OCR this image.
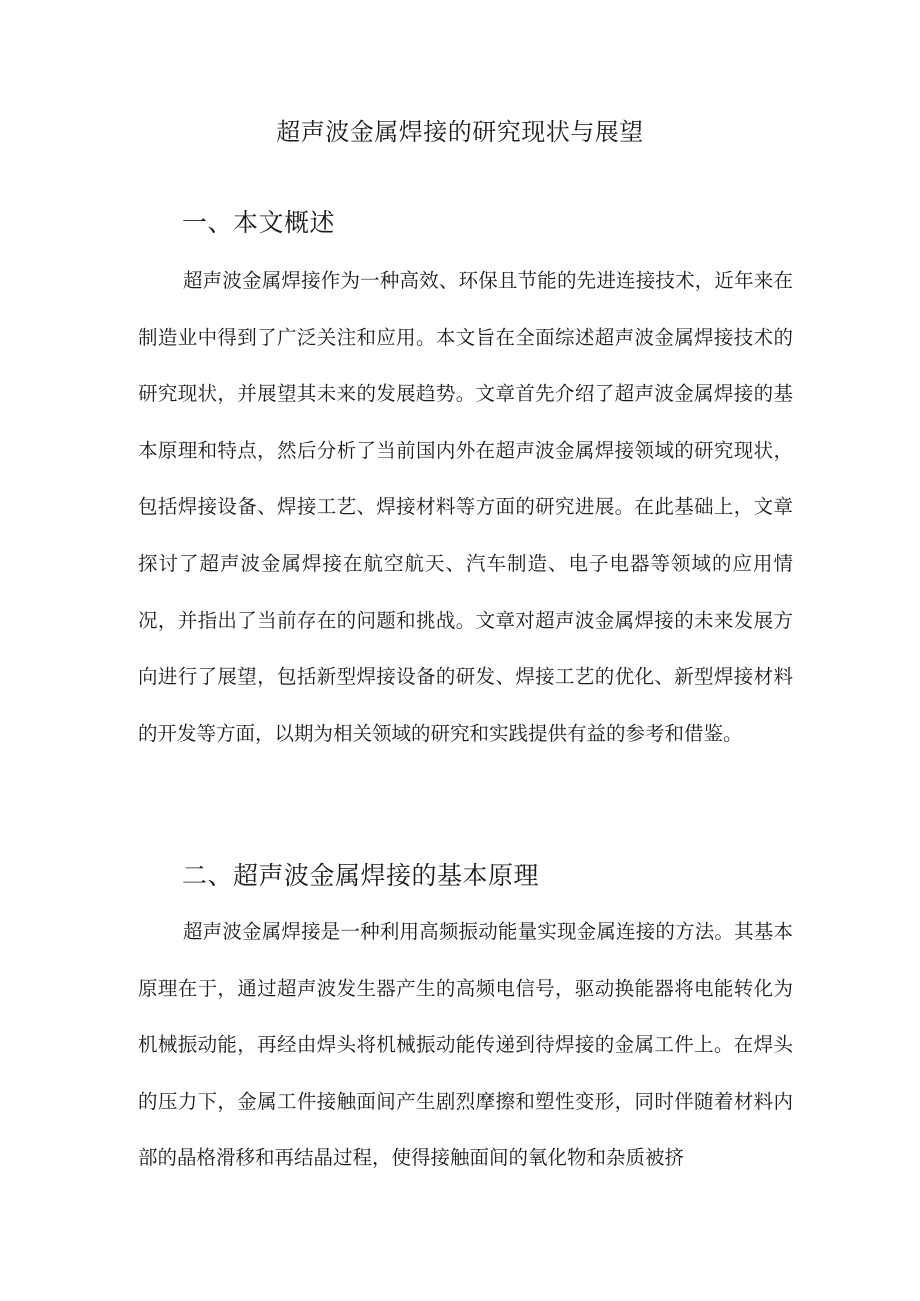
超声波金属焊接的研究现状与展望
一、本文概述

超声波金属焊接作为一种高效、环保且节能的先进连接技术，近年来在制造业中得到了广泛关注和应用。本文旨在全面综述超声波金属焊接技术的研究现状，并展望其未来的发展趋势。文章首先介绍了超声波金属焊接的基本原理和特点，然后分析了当前国内外在超声波金属焊接领域的研究现状，包括焊接设备、焊接工艺、焊接材料等方面的研究进展。在此基础上，文章探讨了超声波金属焊接在航空航天、汽车制造、电子电器等领域的应用情况，并指出了当前存在的问题和挑战。文章对超声波金属焊接的未来发展方向进行了展望，包括新型焊接设备的研发、焊接工艺的优化、新型焊接材料的开发等方面，以期为相关领域的研究和实践提供有益的参考和借鉴。

二、超声波金属焊接的基本原理

超声波金属焊接是一种利用高频振动能量实现金属连接的方法。其基本原理在于，通过超声波发生器产生的高频电信号，驱动换能器将电能转化为机械振动能，再经由焊头将机械振动能传递到待焊接的金属工件上。在焊头的压力下，金属工件接触面间产生剧烈摩擦和塑性变形，同时伴随着材料内部的晶格滑移和再结晶过程，使得接触面间的氧化物和杂质被挤
